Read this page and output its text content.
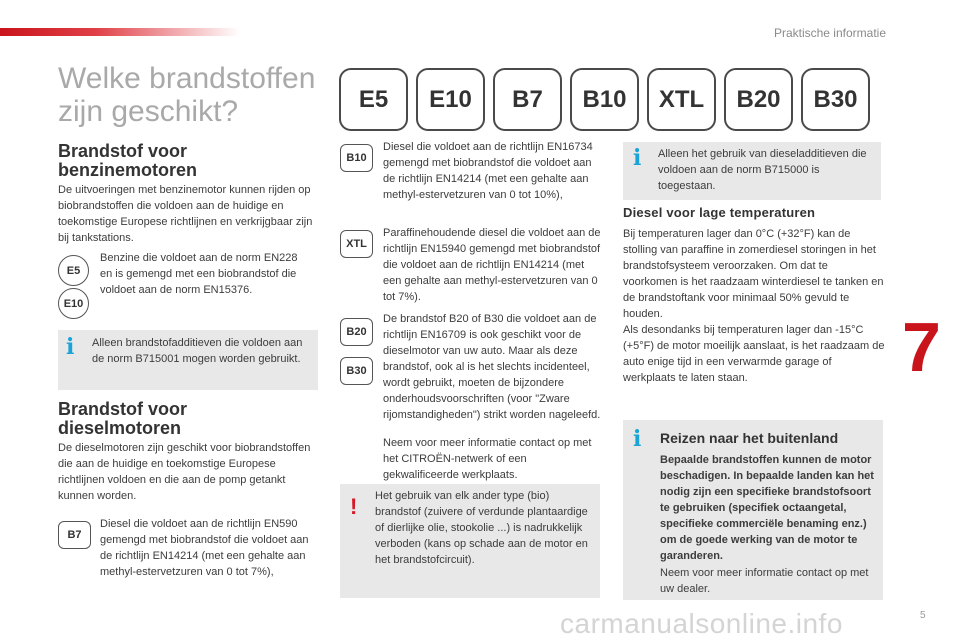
Praktische informatie
7
5
carmanualsonline.info
Welke brandstoffen
zijn geschikt?	E5	E10	B7	B10	XTL	B20	B30
Brandstof voor
benzinemotoren

De uitvoeringen met benzinemotor kunnen rijden op biobrandstoffen die voldoen aan de huidige en toekomstige Europese richtlijnen en verkrijgbaar zijn bij tankstations.

E5
E10

Benzine die voldoet aan de norm EN228 en is gemengd met een biobrandstof die voldoet aan de norm EN15376.

i Alleen brandstofadditieven die voldoen aan de norm B715001 mogen worden gebruikt.

Brandstof voor
dieselmotoren

De dieselmotoren zijn geschikt voor biobrandstoffen die aan de huidige en toekomstige Europese richtlijnen voldoen en die aan de pomp getankt kunnen worden.

B7

Diesel die voldoet aan de richtlijn EN590 gemengd met biobrandstof die voldoet aan de richtlijn EN14214 (met een gehalte aan methyl-estervetzuren van 0 tot 7%),

B10

Diesel die voldoet aan de richtlijn EN16734 gemengd met biobrandstof die voldoet aan de richtlijn EN14214 (met een gehalte aan methyl-estervetzuren van 0 tot 10%),

XTL

Paraffinehoudende diesel die voldoet aan de richtlijn EN15940 gemengd met biobrandstof die voldoet aan de richtlijn EN14214 (met een gehalte aan methyl-estervetzuren van 0 tot 7%).

B20
B30

De brandstof B20 of B30 die voldoet aan de richtlijn EN16709 is ook geschikt voor de dieselmotor van uw auto. Maar als deze brandstof, ook al is het slechts incidenteel, wordt gebruikt, moeten de bijzondere onderhoudsvoorschriften (voor "Zware rijomstandigheden") strikt worden nageleefd.

Neem voor meer informatie contact op met het CITROËN-netwerk of een gekwalificeerde werkplaats.

! Het gebruik van elk ander type (bio) brandstof (zuivere of verdunde plantaardige of dierlijke olie, stookolie ...) is nadrukkelijk verboden (kans op schade aan de motor en het brandstofcircuit).

i Alleen het gebruik van dieseladditieven die voldoen aan de norm B715000 is toegestaan.

Diesel voor lage temperaturen

Bij temperaturen lager dan 0°C (+32°F) kan de stolling van paraffine in zomerdiesel storingen in het brandstofsysteem veroorzaken. Om dat te voorkomen is het raadzaam winterdiesel te tanken en de brandstoftank voor minimaal 50% gevuld te houden.

Als desondanks bij temperaturen lager dan -15°C (+5°F) de motor moeilijk aanslaat, is het raadzaam de auto enige tijd in een verwarmde garage of werkplaats te laten staan.

i Reizen naar het buitenland

Bepaalde brandstoffen kunnen de motor beschadigen. In bepaalde landen kan het nodig zijn een specifieke brandstofsoort te gebruiken (specifiek octaangetal, specifieke commerciële benaming enz.) om de goede werking van de motor te garanderen.

Neem voor meer informatie contact op met uw dealer.
